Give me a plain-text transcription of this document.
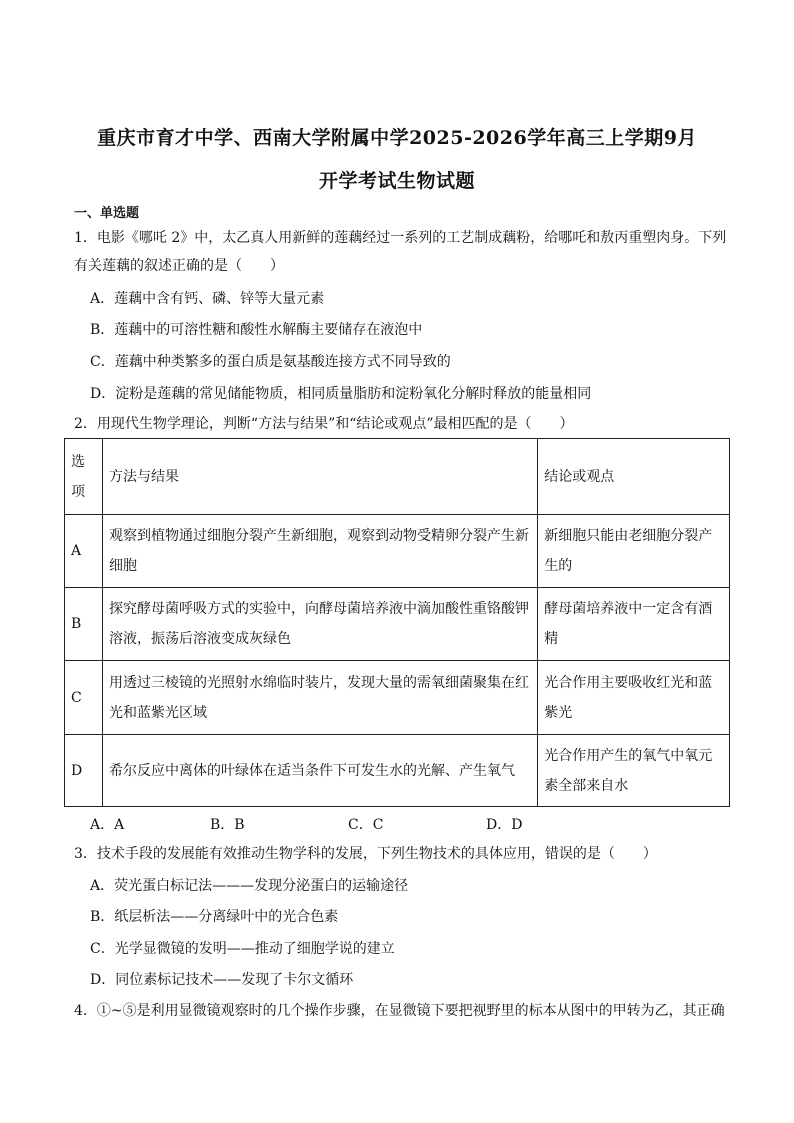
重庆市育才中学、西南大学附属中学2025-2026学年高三上学期9月
开学考试生物试题
一、单选题
1．电影《哪吒 2》中，太乙真人用新鲜的莲藕经过一系列的工艺制成藕粉，给哪吒和敖丙重塑肉身。下列有关莲藕的叙述正确的是（　　）
A．莲藕中含有钙、磷、锌等大量元素
B．莲藕中的可溶性糖和酸性水解酶主要储存在液泡中
C．莲藕中种类繁多的蛋白质是氨基酸连接方式不同导致的
D．淀粉是莲藕的常见储能物质，相同质量脂肪和淀粉氧化分解时释放的能量相同
2．用现代生物学理论，判断“方法与结果”和“结论或观点”最相匹配的是（　　）
选项	方法与结果	结论或观点
A	观察到植物通过细胞分裂产生新细胞，观察到动物受精卵分裂产生新细胞	新细胞只能由老细胞分裂产生的
B	探究酵母菌呼吸方式的实验中，向酵母菌培养液中滴加酸性重铬酸钾溶液，振荡后溶液变成灰绿色	酵母菌培养液中一定含有酒精
C	用透过三棱镜的光照射水绵临时装片，发现大量的需氧细菌聚集在红光和蓝紫光区域	光合作用主要吸收红光和蓝紫光
D	希尔反应中离体的叶绿体在适当条件下可发生水的光解、产生氧气	光合作用产生的氧气中氧元素全部来自水
A．A	B．B	C．C	D．D
3．技术手段的发展能有效推动生物学科的发展，下列生物技术的具体应用，错误的是（　　）
A．荧光蛋白标记法———发现分泌蛋白的运输途径
B．纸层析法——分离绿叶中的光合色素
C．光学显微镜的发明——推动了细胞学说的建立
D．同位素标记技术——发现了卡尔文循环
4．①~⑤是利用显微镜观察时的几个操作步骤，在显微镜下要把视野里的标本从图中的甲转为乙，其正确
